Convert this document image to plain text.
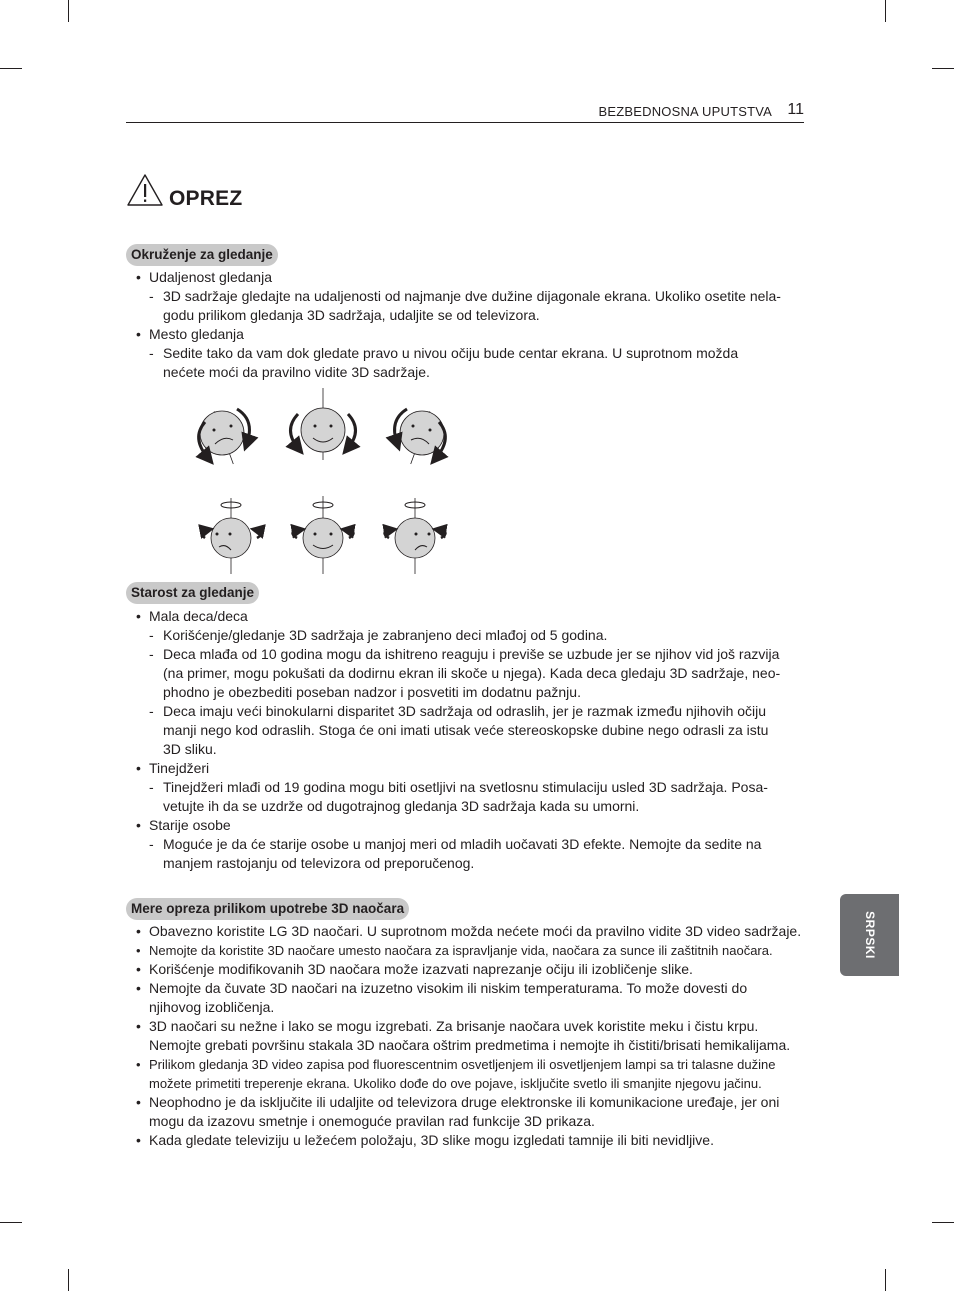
BEZBEDNOSNA UPUTSTVA 11
OPREZ
Okruženje za gledanje
• Udaljenost gledanja
- 3D sadržaje gledajte na udaljenosti od najmanje dve dužine dijagonale ekrana. Ukoliko osetite nela-
godu prilikom gledanja 3D sadržaja, udaljite se od televizora.
• Mesto gledanja
- Sedite tako da vam dok gledate pravo u nivou očiju bude centar ekrana. U suprotnom možda
nećete moći da pravilno vidite 3D sadržaje.
Starost za gledanje
• Mala deca/deca
- Korišćenje/gledanje 3D sadržaja je zabranjeno deci mlađoj od 5 godina.
- Deca mlađa od 10 godina mogu da ishitreno reaguju i previše se uzbude jer se njihov vid još razvija
(na primer, mogu pokušati da dodirnu ekran ili skoče u njega). Kada deca gledaju 3D sadržaje, neo-
phodno je obezbediti poseban nadzor i posvetiti im dodatnu pažnju.
- Deca imaju veći binokularni disparitet 3D sadržaja od odraslih, jer je razmak između njihovih očiju
manji nego kod odraslih. Stoga će oni imati utisak veće stereoskopske dubine nego odrasli za istu
3D sliku.
• Tinejdžeri
- Tinejdžeri mlađi od 19 godina mogu biti osetljivi na svetlosnu stimulaciju usled 3D sadržaja. Posa-
vetujte ih da se uzdrže od dugotrajnog gledanja 3D sadržaja kada su umorni.
• Starije osobe
- Moguće je da će starije osobe u manjoj meri od mladih uočavati 3D efekte. Nemojte da sedite na
manjem rastojanju od televizora od preporučenog.
Mere opreza prilikom upotrebe 3D naočara
• Obavezno koristite LG 3D naočari. U suprotnom možda nećete moći da pravilno vidite 3D video sadržaje.
• Nemojte da koristite 3D naočare umesto naočara za ispravljanje vida, naočara za sunce ili zaštitnih naočara.
• Korišćenje modifikovanih 3D naočara može izazvati naprezanje očiju ili izobličenje slike.
• Nemojte da čuvate 3D naočari na izuzetno visokim ili niskim temperaturama. To može dovesti do
njihovog izobličenja.
• 3D naočari su nežne i lako se mogu izgrebati. Za brisanje naočara uvek koristite meku i čistu krpu.
Nemojte grebati površinu stakala 3D naočara oštrim predmetima i nemojte ih čistiti/brisati hemikalijama.
• Prilikom gledanja 3D video zapisa pod fluorescentnim osvetljenjem ili osvetljenjem lampi sa tri talasne dužine
možete primetiti treperenje ekrana. Ukoliko dođe do ove pojave, isključite svetlo ili smanjite njegovu jačinu.
• Neophodno je da isključite ili udaljite od televizora druge elektronske ili komunikacione uređaje, jer oni
mogu da izazovu smetnje i onemoguće pravilan rad funkcije 3D prikaza.
• Kada gledate televiziju u ležećem položaju, 3D slike mogu izgledati tamnije ili biti nevidljive.
SRPSKI
